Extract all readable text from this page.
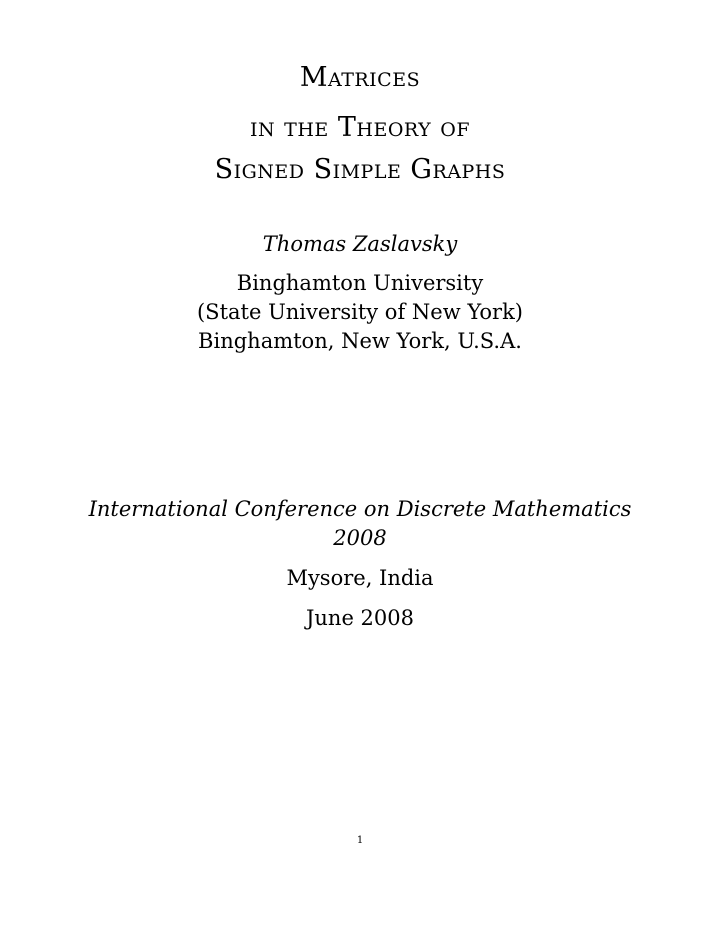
Matrices
in the Theory of
Signed Simple Graphs
Thomas Zaslavsky
Binghamton University
(State University of New York)
Binghamton, New York, U.S.A.
International Conference on Discrete Mathematics
2008
Mysore, India
June 2008
1
